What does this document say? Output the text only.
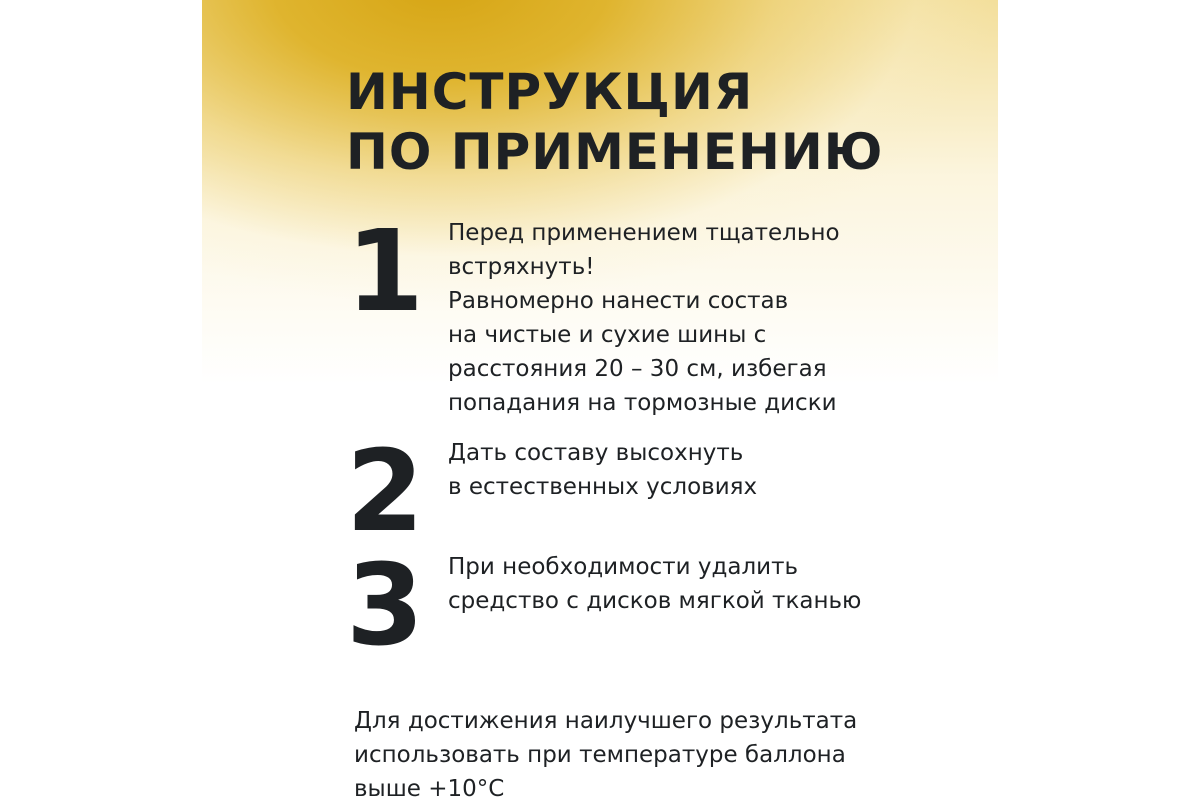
ИНСТРУКЦИЯ
ПО ПРИМЕНЕНИЮ
1 Перед применением тщательно
встряхнуть!
Равномерно нанести состав
на чистые и сухие шины с
расстояния 20 – 30 см, избегая
попадания на тормозные диски

2 Дать составу высохнуть
в естественных условиях

3 При необходимости удалить
средство с дисков мягкой тканью

Для достижения наилучшего результата
использовать при температуре баллона
выше +10°С
